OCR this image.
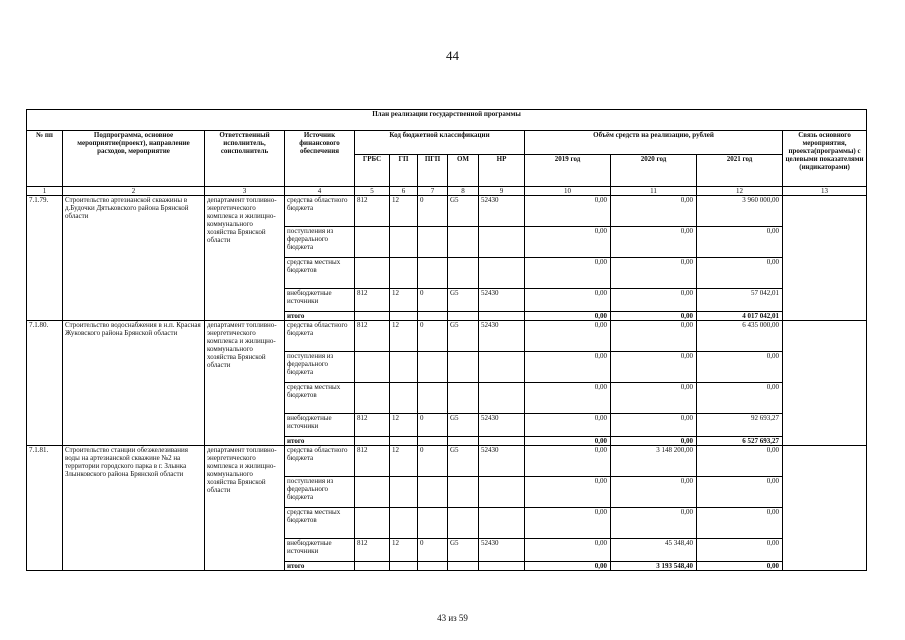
44
План реализации государственной программы												
№ пп	Подпрограмма, основное мероприятие(проект), направление расходов, мероприятие	Ответственный исполнитель, соисполнитель	Источник финансового обеспечения	Код бюджетной классификации					Объём средств на реализацию, рублей			Связь основного мероприятия, проекта(программы) с целевыми показателями (индикаторами)
				ГРБС	ГП	ПГП	ОМ	НР	2019 год	2020 год	2021 год	
1	2	3	4	5	6	7	8	9	10	11	12	13
7.1.79.	Строительство артезианской скважины в д.Будочки Дятьковского района Брянской области	департамент топливно-энергетического комплекса и жилищно-коммунального хозяйства Брянской области	средства областного бюджета	812	12	0	G5	52430	0,00	0,00	3 960 000,00	
			поступления из федерального бюджета						0,00	0,00	0,00	
			средства местных бюджетов						0,00	0,00	0,00	
			внебюджетные источники	812	12	0	G5	52430	0,00	0,00	57 042,01	
			итого						0,00	0,00	4 017 042,01	
7.1.80.	Строительство водоснабжения в н.п. Красная Жуковского района Брянской области	департамент топливно-энергетического комплекса и жилищно-коммунального хозяйства Брянской области	средства областного бюджета	812	12	0	G5	52430	0,00	0,00	6 435 000,00	
			поступления из федерального бюджета						0,00	0,00	0,00	
			средства местных бюджетов						0,00	0,00	0,00	
			внебюджетные источники	812	12	0	G5	52430	0,00	0,00	92 693,27	
			итого						0,00	0,00	6 527 693,27	
7.1.81.	Строительство станции обезжелезивания воды на артезианской скважине №2 на территории городского парка в г. Злынка Злынковского района Брянской области	департамент топливно-энергетического комплекса и жилищно-коммунального хозяйства Брянской области	средства областного бюджета	812	12	0	G5	52430	0,00	3 148 200,00	0,00	
			поступления из федерального бюджета						0,00	0,00	0,00	
			средства местных бюджетов						0,00	0,00	0,00	
			внебюджетные источники	812	12	0	G5	52430	0,00	45 348,40	0,00	
			итого						0,00	3 193 548,40	0,00	
43 из 59
